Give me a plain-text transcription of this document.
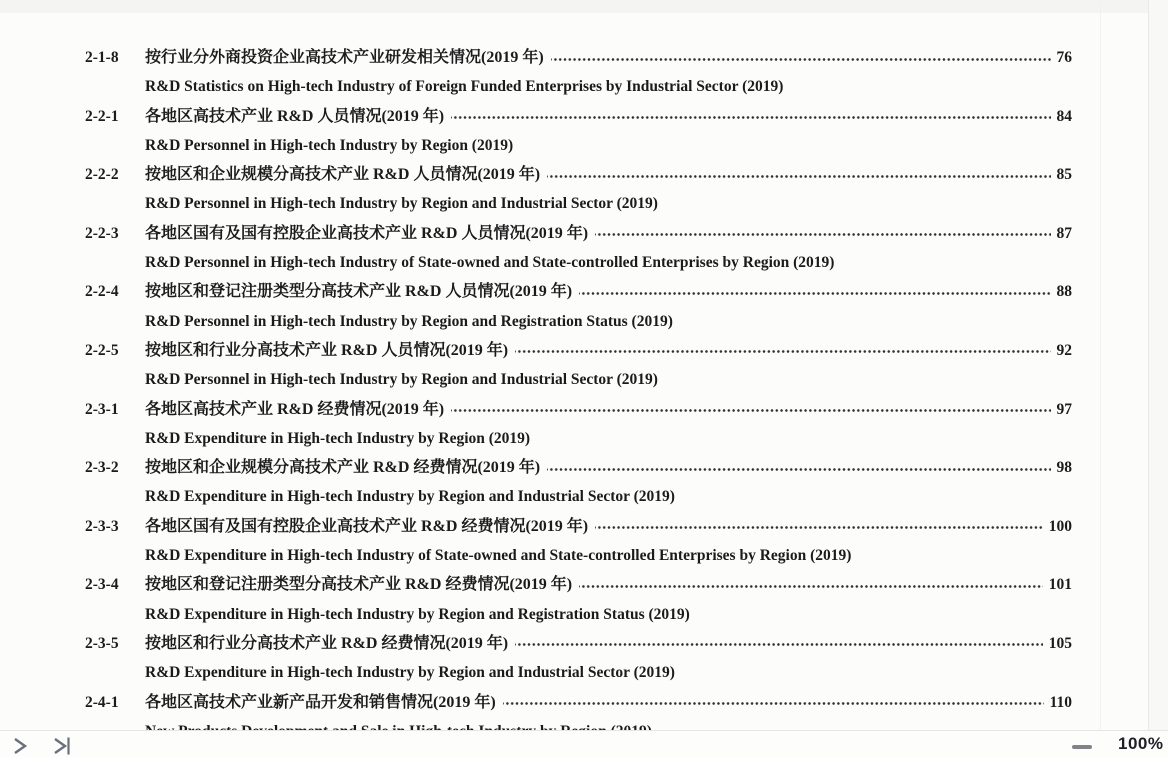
2-1-8	按行业分外商投资企业高技术产业研发相关情况(2019 年)	76
R&D Statistics on High-tech Industry of Foreign Funded Enterprises by Industrial Sector (2019)
2-2-1	各地区高技术产业 R&D 人员情况(2019 年)	84
R&D Personnel in High-tech Industry by Region (2019)
2-2-2	按地区和企业规模分高技术产业 R&D 人员情况(2019 年)	85
R&D Personnel in High-tech Industry by Region and Industrial Sector (2019)
2-2-3	各地区国有及国有控股企业高技术产业 R&D 人员情况(2019 年)	87
R&D Personnel in High-tech Industry of State-owned and State-controlled Enterprises by Region (2019)
2-2-4	按地区和登记注册类型分高技术产业 R&D 人员情况(2019 年)	88
R&D Personnel in High-tech Industry by Region and Registration Status (2019)
2-2-5	按地区和行业分高技术产业 R&D 人员情况(2019 年)	92
R&D Personnel in High-tech Industry by Region and Industrial Sector (2019)
2-3-1	各地区高技术产业 R&D 经费情况(2019 年)	97
R&D Expenditure in High-tech Industry by Region (2019)
2-3-2	按地区和企业规模分高技术产业 R&D 经费情况(2019 年)	98
R&D Expenditure in High-tech Industry by Region and Industrial Sector (2019)
2-3-3	各地区国有及国有控股企业高技术产业 R&D 经费情况(2019 年)	100
R&D Expenditure in High-tech Industry of State-owned and State-controlled Enterprises by Region (2019)
2-3-4	按地区和登记注册类型分高技术产业 R&D 经费情况(2019 年)	101
R&D Expenditure in High-tech Industry by Region and Registration Status (2019)
2-3-5	按地区和行业分高技术产业 R&D 经费情况(2019 年)	105
R&D Expenditure in High-tech Industry by Region and Industrial Sector (2019)
2-4-1	各地区高技术产业新产品开发和销售情况(2019 年)	110
100%
